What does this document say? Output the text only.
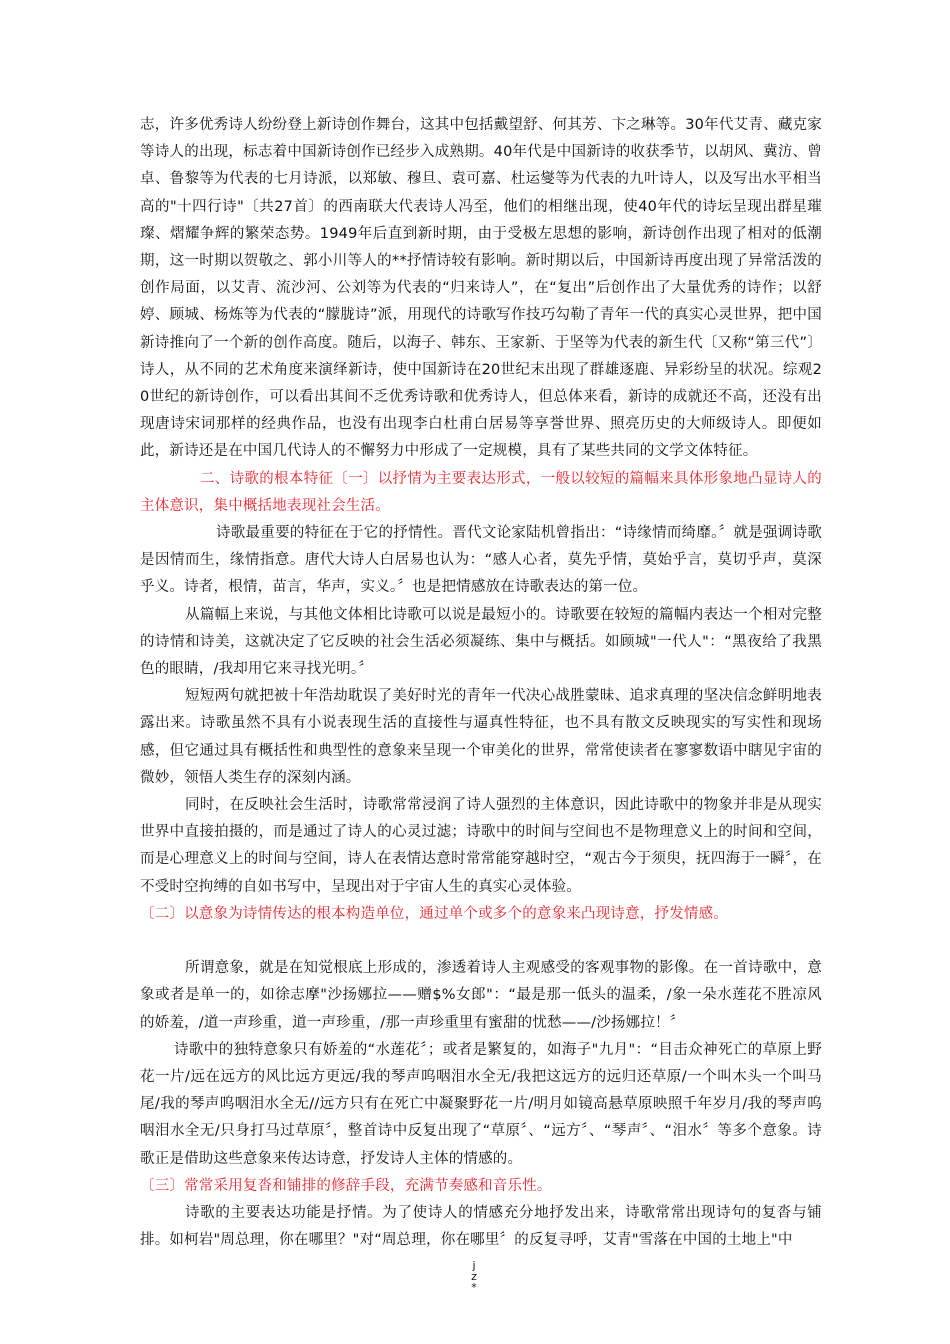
志，许多优秀诗人纷纷登上新诗创作舞台，这其中包括戴望舒、何其芳、卞之琳等。30年代艾青、藏克家等诗人的出现，标志着中国新诗创作已经步入成熟期。40年代是中国新诗的收获季节，以胡风、冀汸、曾卓、鲁黎等为代表的七月诗派，以郑敏、穆旦、袁可嘉、杜运燮等为代表的九叶诗人，以及写出水平相当高的"十四行诗"〔共27首〕的西南联大代表诗人冯至，他们的相继出现，使40年代的诗坛呈现出群星璀璨、熠耀争辉的繁荣态势。1949年后直到新时期，由于受极左思想的影响，新诗创作出现了相对的低潮期，这一时期以贺敬之、郭小川等人的**抒情诗较有影响。新时期以后，中国新诗再度出现了异常活泼的创作局面，以艾青、流沙河、公刘等为代表的“归来诗人”，在“复出”后创作出了大量优秀的诗作；以舒婷、顾城、杨炼等为代表的“朦胧诗”派，用现代的诗歌写作技巧勾勒了青年一代的真实心灵世界，把中国新诗推向了一个新的创作高度。随后，以海子、韩东、王家新、于坚等为代表的新生代〔又称“第三代”〕诗人，从不同的艺术角度来演绎新诗，使中国新诗在20世纪末出现了群雄逐鹿、异彩纷呈的状况。综观20世纪的新诗创作，可以看出其间不乏优秀诗歌和优秀诗人，但总体来看，新诗的成就还不高，还没有出现唐诗宋词那样的经典作品，也没有出现李白杜甫白居易等享誉世界、照亮历史的大师级诗人。即便如此，新诗还是在中国几代诗人的不懈努力中形成了一定规模，具有了某些共同的文学文体特征。

二、诗歌的根本特征〔一〕以抒情为主要表达形式，一般以较短的篇幅来具体形象地凸显诗人的主体意识，集中概括地表现社会生活。

诗歌最重要的特征在于它的抒情性。晋代文论家陆机曾指出：“诗缘情而绮靡。〞就是强调诗歌是因情而生，缘情指意。唐代大诗人白居易也认为：“感人心者，莫先乎情，莫始乎言，莫切乎声，莫深乎义。诗者，根情，苗言，华声，实义。〞也是把情感放在诗歌表达的第一位。

从篇幅上来说，与其他文体相比诗歌可以说是最短小的。诗歌要在较短的篇幅内表达一个相对完整的诗情和诗美，这就决定了它反映的社会生活必须凝练、集中与概括。如顾城"一代人"：“黑夜给了我黑色的眼睛，/我却用它来寻找光明。〞

短短两句就把被十年浩劫耽误了美好时光的青年一代决心战胜蒙昧、追求真理的坚决信念鲜明地表露出来。诗歌虽然不具有小说表现生活的直接性与逼真性特征，也不具有散文反映现实的写实性和现场感，但它通过具有概括性和典型性的意象来呈现一个审美化的世界，常常使读者在寥寥数语中瞎见宇宙的微妙，领悟人类生存的深刻内涵。

同时，在反映社会生活时，诗歌常常浸润了诗人强烈的主体意识，因此诗歌中的物象并非是从现实世界中直接拍摄的，而是通过了诗人的心灵过滤；诗歌中的时间与空间也不是物理意义上的时间和空间，而是心理意义上的时间与空间，诗人在表情达意时常常能穿越时空，“观古今于须臾，抚四海于一瞬〞，在不受时空拘缚的自如书写中，呈现出对于宇宙人生的真实心灵体验。

〔二〕以意象为诗情传达的根本构造单位，通过单个或多个的意象来凸现诗意，抒发情感。

所谓意象，就是在知觉根底上形成的，渗透着诗人主观感受的客观事物的影像。在一首诗歌中，意象或者是单一的，如徐志摩"沙扬娜拉——赠$%女郎"：“最是那一低头的温柔，/象一朵水莲花不胜凉风的娇羞，/道一声珍重，道一声珍重，/那一声珍重里有蜜甜的忧愁——/沙扬娜拉！〞

诗歌中的独特意象只有娇羞的“水莲花〞；或者是繁复的，如海子"九月"：“目击众神死亡的草原上野花一片/远在远方的风比远方更远/我的琴声呜咽泪水全无/我把这远方的远归还草原/一个叫木头一个叫马尾/我的琴声呜咽泪水全无//远方只有在死亡中凝聚野花一片/明月如镜高悬草原映照千年岁月/我的琴声呜咽泪水全无/只身打马过草原〞，整首诗中反复出现了“草原〞、“远方〞、“琴声〞、“泪水〞等多个意象。诗歌正是借助这些意象来传达诗意，抒发诗人主体的情感的。

〔三〕常常采用复沓和铺排的修辞手段，充满节奏感和音乐性。

诗歌的主要表达功能是抒情。为了使诗人的情感充分地抒发出来，诗歌常常出现诗句的复沓与铺排。如柯岩"周总理，你在哪里？"对“周总理，你在哪里〞的反复寻呼，艾青"雪落在中国的土地上"中

j
z
*
